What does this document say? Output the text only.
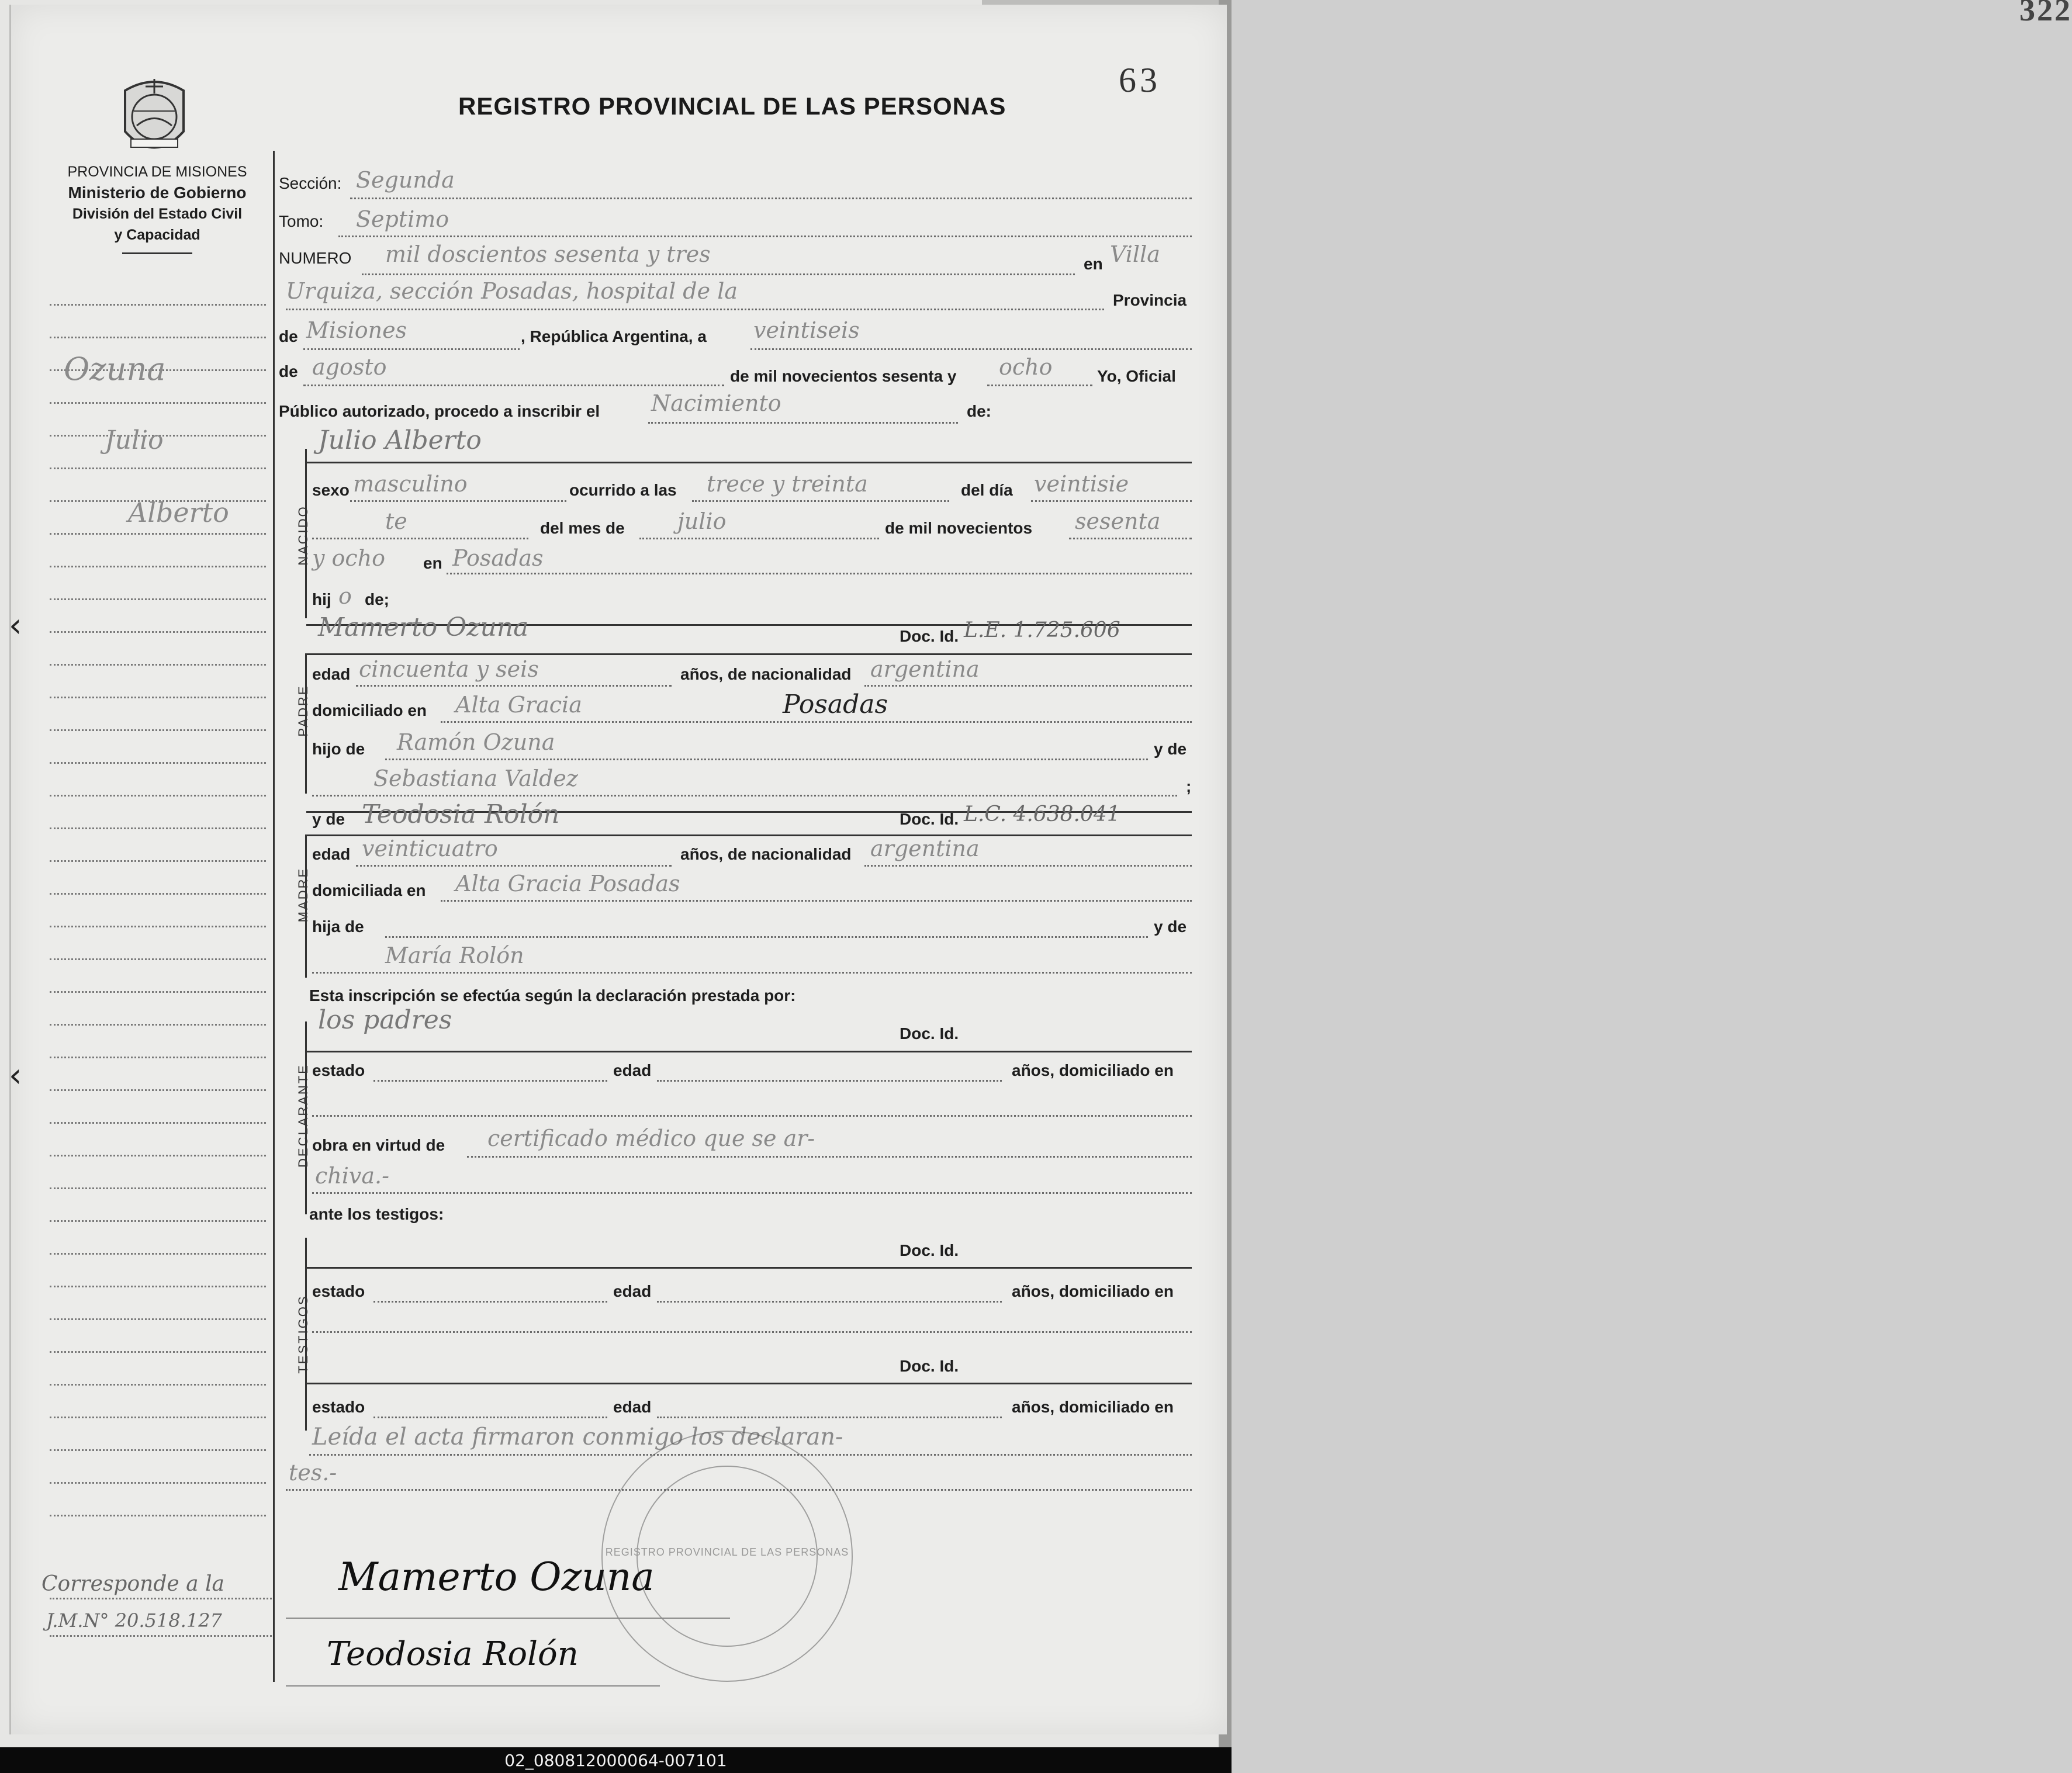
322
63
REGISTRO PROVINCIAL DE LAS PERSONAS
PROVINCIA DE MISIONES
Ministerio de Gobierno
División del Estado Civil
y Capacidad
Ozuna
Julio
Alberto
Corresponde a la
J.M.N° 20.518.127
Sección: Segunda
Tomo: Septimo
NUMERO mil doscientos sesenta y tres	en Villa
Urquiza, sección Posadas, hospital de la	Provincia
de Misiones	, República Argentina, a veintiseis
de agosto	de mil novecientos sesenta y ocho	Yo, Oficial
Público autorizado, procedo a inscribir el Nacimiento	de:
NACIDO
Julio Alberto
sexo masculino	ocurrido a las trece y treinta	del día veintisie
te	del mes de julio	de mil novecientos sesenta
y ocho en Posadas
hij o de;
Mamerto Ozuna	Doc. Id. L.E. 1.725.606
PADRE
edad cincuenta y seis	años, de nacionalidad argentina
domiciliado en Alta Gracia	Posadas
hijo de Ramón Ozuna	y de
Sebastiana Valdez	;
y de Teodosia Rolón	Doc. Id. L.C. 4.638.041
MADRE
edad veinticuatro	años, de nacionalidad argentina
domiciliada en Alta Gracia Posadas
hija de	y de
María Rolón
Esta inscripción se efectúa según la declaración prestada por:
los padres	Doc. Id.
DECLARANTE estado	edad	años, domiciliado en
obra en virtud de certificado médico que se ar-
chiva.-
ante los testigos:
TESTIGOS
Doc. Id.
estado	edad	años, domiciliado en
Doc. Id.
estado	edad	años, domiciliado en
Leída el acta firmaron conmigo los declaran-
tes.-
REGISTRO PROVINCIAL DE LAS PERSONAS
Mamerto Ozuna
Teodosia Rolón
‹
‹
02_080812000064-007101
